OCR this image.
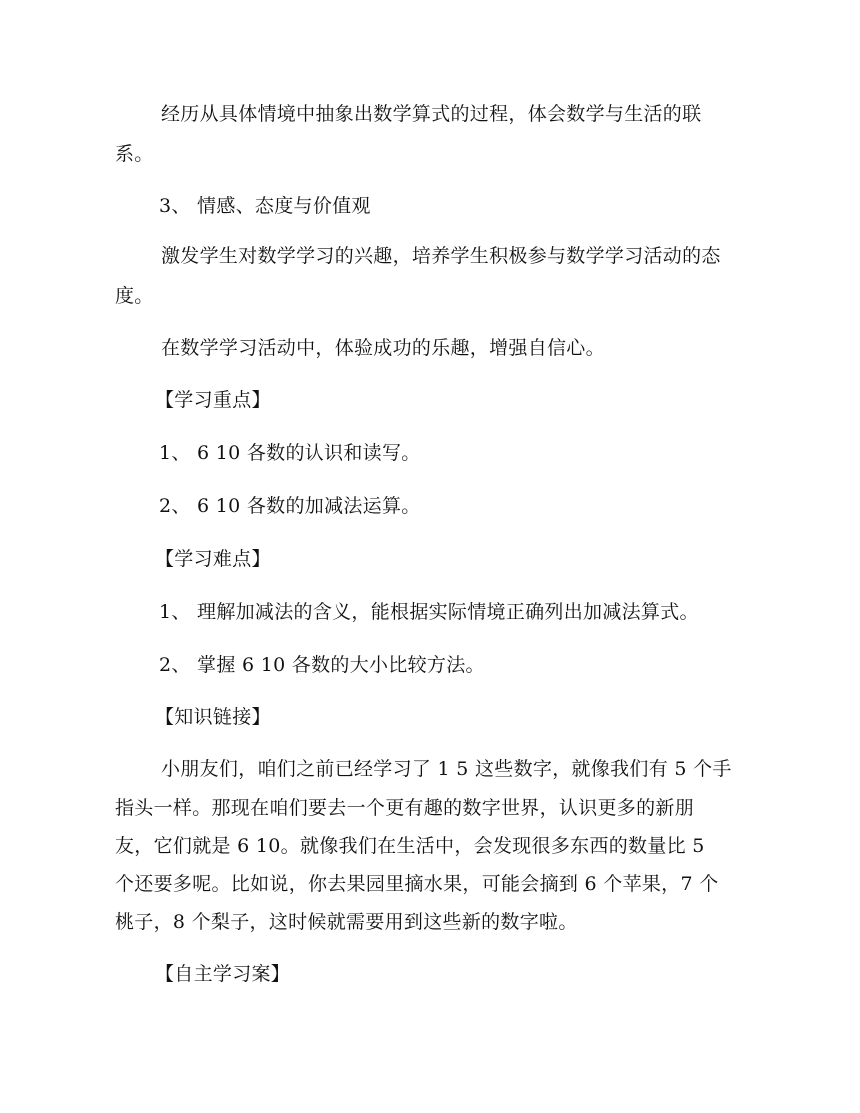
经历从具体情境中抽象出数学算式的过程，体会数学与生活的联
系。
3、 情感、态度与价值观
激发学生对数学学习的兴趣，培养学生积极参与数学学习活动的态
度。
在数学学习活动中，体验成功的乐趣，增强自信心。
【学习重点】
1、 6 10 各数的认识和读写。
2、 6 10 各数的加减法运算。
【学习难点】
1、 理解加减法的含义，能根据实际情境正确列出加减法算式。
2、 掌握 6 10 各数的大小比较方法。
【知识链接】
小朋友们，咱们之前已经学习了 1 5 这些数字，就像我们有 5 个手
指头一样。那现在咱们要去一个更有趣的数字世界，认识更多的新朋
友，它们就是 6 10。就像我们在生活中，会发现很多东西的数量比 5
个还要多呢。比如说，你去果园里摘水果，可能会摘到 6 个苹果，7 个
桃子，8 个梨子，这时候就需要用到这些新的数字啦。
【自主学习案】
